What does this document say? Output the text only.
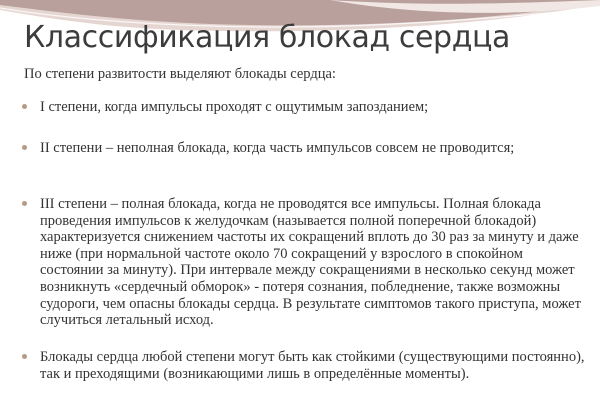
Классификация блокад сердца

По степени развитости выделяют блокады сердца:

I степени, когда импульсы проходят с ощутимым запозданием;
II степени – неполная блокада, когда часть импульсов совсем не проводится;
III степени – полная блокада, когда не проводятся все импульсы. Полная блокада проведения импульсов к желудочкам (называется полной поперечной блокадой) характеризуется снижением частоты их сокращений вплоть до 30 раз за минуту и даже ниже (при нормальной частоте около 70 сокращений у взрослого в спокойном состоянии за минуту). При интервале между сокращениями в несколько секунд может возникнуть «сердечный обморок» - потеря сознания, побледнение, также возможны судороги, чем опасны блокады сердца. В результате симптомов такого приступа, может случиться летальный исход.
Блокады сердца любой степени могут быть как стойкими (существующими постоянно), так и преходящими (возникающими лишь в определённые моменты).
